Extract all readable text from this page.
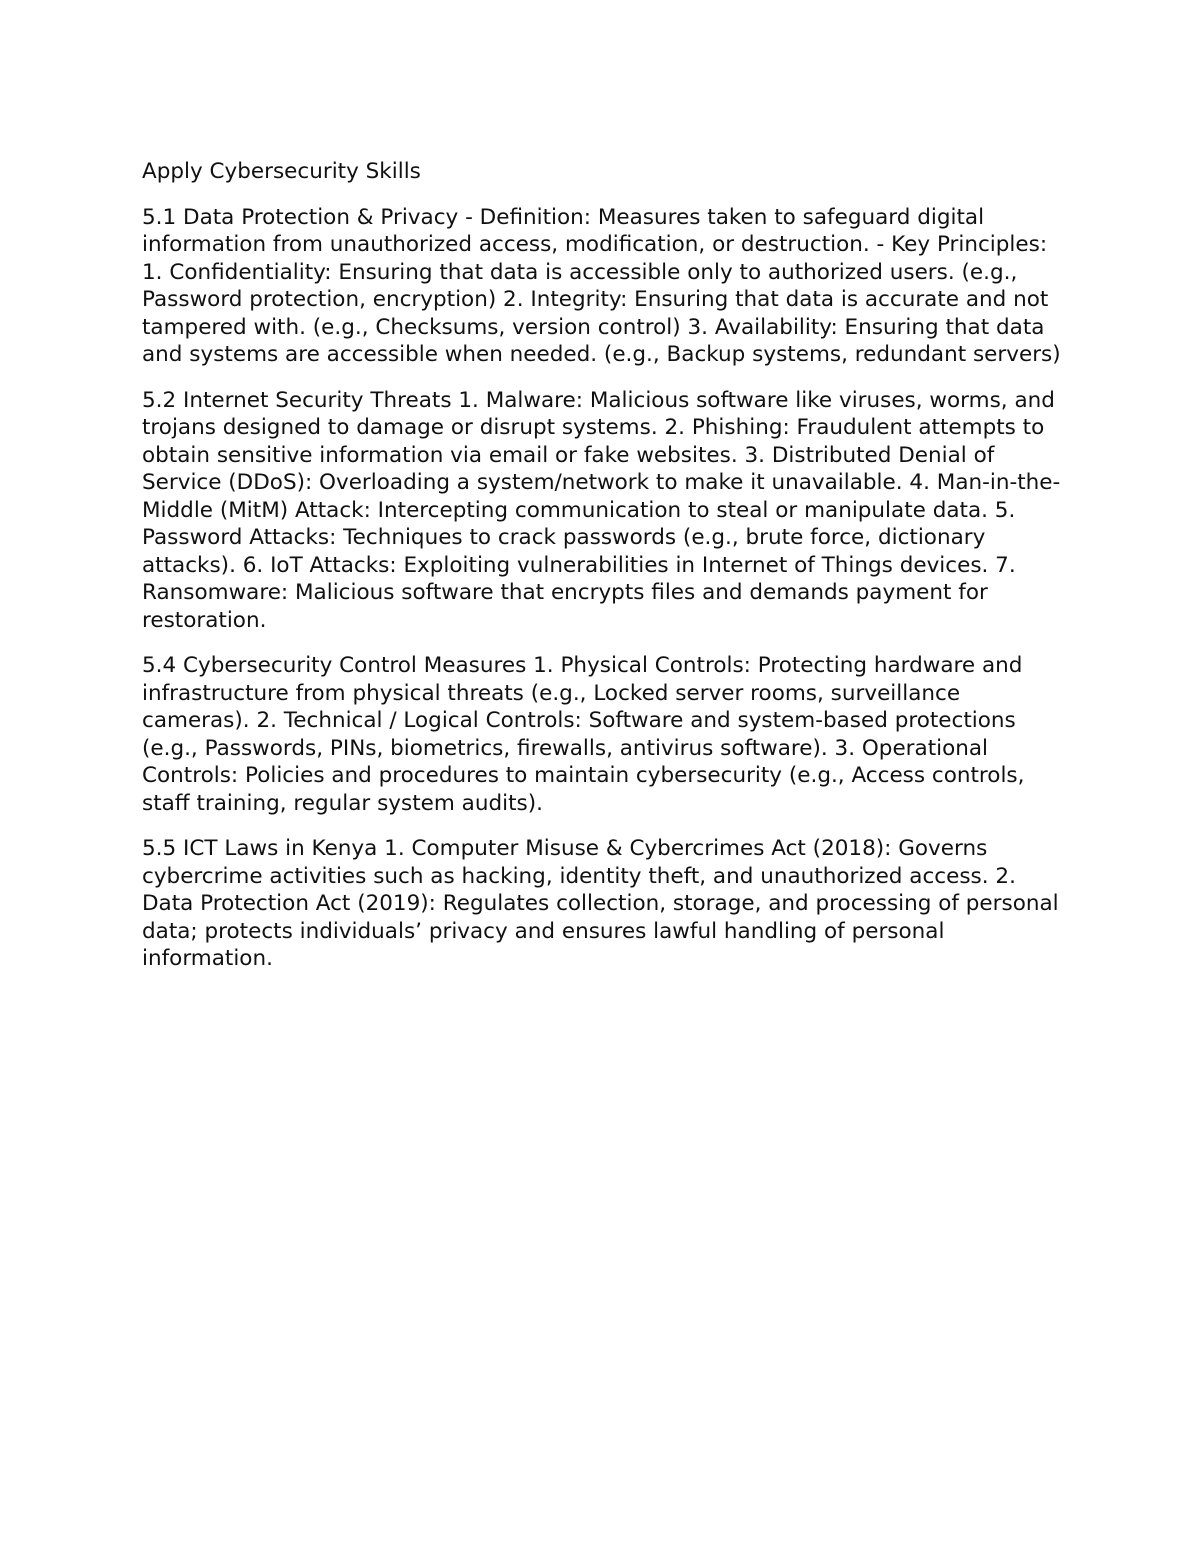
Apply Cybersecurity Skills

5.1 Data Protection & Privacy - Definition: Measures taken to safeguard digital information from unauthorized access, modification, or destruction. - Key Principles: 1. Confidentiality: Ensuring that data is accessible only to authorized users. (e.g., Password protection, encryption) 2. Integrity: Ensuring that data is accurate and not tampered with. (e.g., Checksums, version control) 3. Availability: Ensuring that data and systems are accessible when needed. (e.g., Backup systems, redundant servers)

5.2 Internet Security Threats 1. Malware: Malicious software like viruses, worms, and trojans designed to damage or disrupt systems. 2. Phishing: Fraudulent attempts to obtain sensitive information via email or fake websites. 3. Distributed Denial of Service (DDoS): Overloading a system/network to make it unavailable. 4. Man-in-the-Middle (MitM) Attack: Intercepting communication to steal or manipulate data. 5. Password Attacks: Techniques to crack passwords (e.g., brute force, dictionary attacks). 6. IoT Attacks: Exploiting vulnerabilities in Internet of Things devices. 7. Ransomware: Malicious software that encrypts files and demands payment for restoration.

5.4 Cybersecurity Control Measures 1. Physical Controls: Protecting hardware and infrastructure from physical threats (e.g., Locked server rooms, surveillance cameras). 2. Technical / Logical Controls: Software and system-based protections (e.g., Passwords, PINs, biometrics, firewalls, antivirus software). 3. Operational Controls: Policies and procedures to maintain cybersecurity (e.g., Access controls, staff training, regular system audits).

5.5 ICT Laws in Kenya 1. Computer Misuse & Cybercrimes Act (2018): Governs cybercrime activities such as hacking, identity theft, and unauthorized access. 2. Data Protection Act (2019): Regulates collection, storage, and processing of personal data; protects individuals’ privacy and ensures lawful handling of personal information.
